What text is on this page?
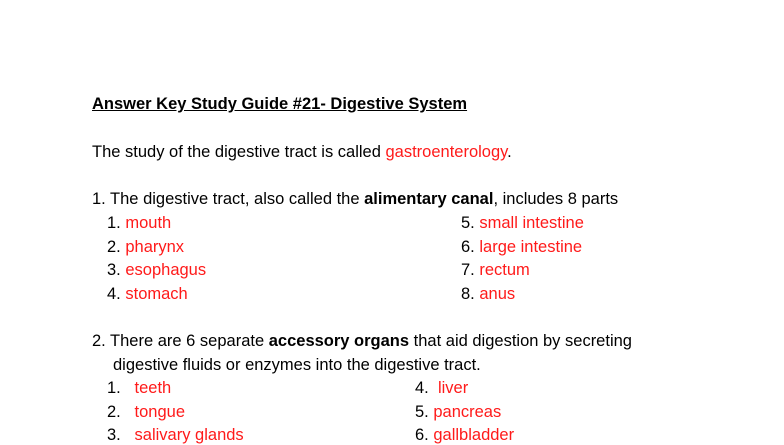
Answer Key Study Guide #21- Digestive System
The study of the digestive tract is called gastroenterology.
1. The digestive tract, also called the alimentary canal, includes 8 parts
1. mouth
2. pharynx
3. esophagus
4. stomach
5. small intestine
6. large intestine
7. rectum
8. anus
2. There are 6 separate accessory organs that aid digestion by secreting
digestive fluids or enzymes into the digestive tract.
1. teeth
2. tongue
3. salivary glands
4. liver
5. pancreas
6. gallbladder
